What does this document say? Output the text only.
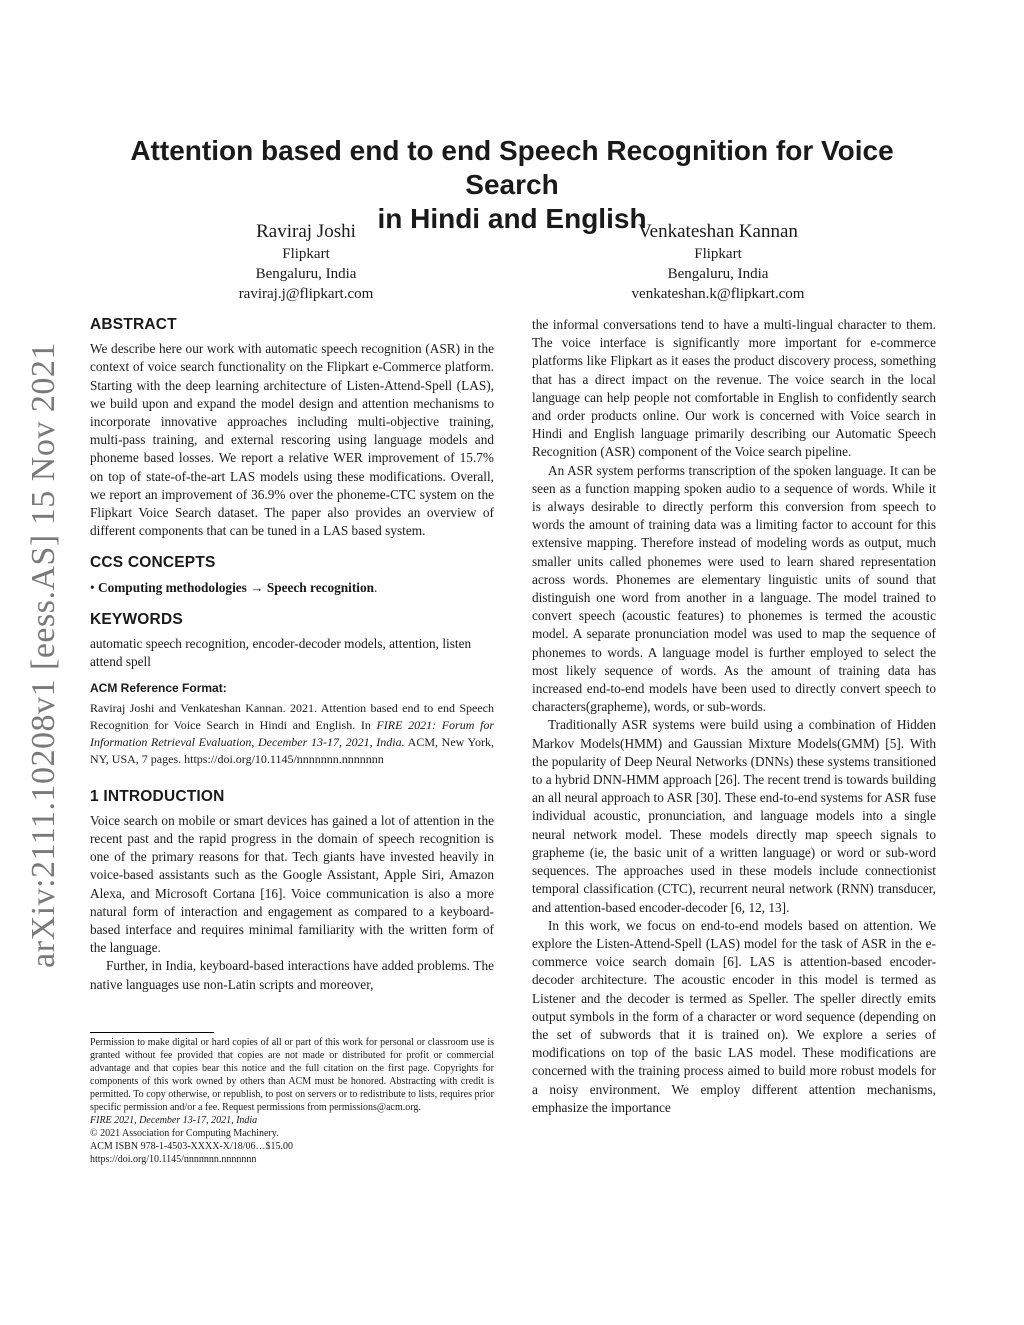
arXiv:2111.10208v1 [eess.AS] 15 Nov 2021
Attention based end to end Speech Recognition for Voice Search
in Hindi and English
Raviraj Joshi
Flipkart
Bengaluru, India
raviraj.j@flipkart.com
Venkateshan Kannan
Flipkart
Bengaluru, India
venkateshan.k@flipkart.com
ABSTRACT

We describe here our work with automatic speech recognition (ASR) in the context of voice search functionality on the Flipkart e-Commerce platform. Starting with the deep learning architecture of Listen-Attend-Spell (LAS), we build upon and expand the model design and attention mechanisms to incorporate innovative approaches including multi-objective training, multi-pass training, and external rescoring using language models and phoneme based losses. We report a relative WER improvement of 15.7% on top of state-of-the-art LAS models using these modifications. Overall, we report an improvement of 36.9% over the phoneme-CTC system on the Flipkart Voice Search dataset. The paper also provides an overview of different components that can be tuned in a LAS based system.

CCS CONCEPTS

• Computing methodologies → Speech recognition.

KEYWORDS

automatic speech recognition, encoder-decoder models, attention, listen attend spell

ACM Reference Format:

Raviraj Joshi and Venkateshan Kannan. 2021. Attention based end to end Speech Recognition for Voice Search in Hindi and English. In FIRE 2021: Forum for Information Retrieval Evaluation, December 13-17, 2021, India. ACM, New York, NY, USA, 7 pages. https://doi.org/10.1145/nnnnnnn.nnnnnnn

1 INTRODUCTION

Voice search on mobile or smart devices has gained a lot of attention in the recent past and the rapid progress in the domain of speech recognition is one of the primary reasons for that. Tech giants have invested heavily in voice-based assistants such as the Google Assistant, Apple Siri, Amazon Alexa, and Microsoft Cortana [16]. Voice communication is also a more natural form of interaction and engagement as compared to a keyboard-based interface and requires minimal familiarity with the written form of the language.

Further, in India, keyboard-based interactions have added problems. The native languages use non-Latin scripts and moreover,

Permission to make digital or hard copies of all or part of this work for personal or classroom use is granted without fee provided that copies are not made or distributed for profit or commercial advantage and that copies bear this notice and the full citation on the first page. Copyrights for components of this work owned by others than ACM must be honored. Abstracting with credit is permitted. To copy otherwise, or republish, to post on servers or to redistribute to lists, requires prior specific permission and/or a fee. Request permissions from permissions@acm.org.
FIRE 2021, December 13-17, 2021, India
© 2021 Association for Computing Machinery.
ACM ISBN 978-1-4503-XXXX-X/18/06…$15.00
https://doi.org/10.1145/nnnnnnn.nnnnnnn

the informal conversations tend to have a multi-lingual character to them. The voice interface is significantly more important for e-commerce platforms like Flipkart as it eases the product discovery process, something that has a direct impact on the revenue. The voice search in the local language can help people not comfortable in English to confidently search and order products online. Our work is concerned with Voice search in Hindi and English language primarily describing our Automatic Speech Recognition (ASR) component of the Voice search pipeline.

An ASR system performs transcription of the spoken language. It can be seen as a function mapping spoken audio to a sequence of words. While it is always desirable to directly perform this conversion from speech to words the amount of training data was a limiting factor to account for this extensive mapping. Therefore instead of modeling words as output, much smaller units called phonemes were used to learn shared representation across words. Phonemes are elementary linguistic units of sound that distinguish one word from another in a language. The model trained to convert speech (acoustic features) to phonemes is termed the acoustic model. A separate pronunciation model was used to map the sequence of phonemes to words. A language model is further employed to select the most likely sequence of words. As the amount of training data has increased end-to-end models have been used to directly convert speech to characters(grapheme), words, or sub-words.

Traditionally ASR systems were build using a combination of Hidden Markov Models(HMM) and Gaussian Mixture Models(GMM) [5]. With the popularity of Deep Neural Networks (DNNs) these systems transitioned to a hybrid DNN-HMM approach [26]. The recent trend is towards building an all neural approach to ASR [30]. These end-to-end systems for ASR fuse individual acoustic, pronunciation, and language models into a single neural network model. These models directly map speech signals to grapheme (ie, the basic unit of a written language) or word or sub-word sequences. The approaches used in these models include connectionist temporal classification (CTC), recurrent neural network (RNN) transducer, and attention-based encoder-decoder [6, 12, 13].

In this work, we focus on end-to-end models based on attention. We explore the Listen-Attend-Spell (LAS) model for the task of ASR in the e-commerce voice search domain [6]. LAS is attention-based encoder-decoder architecture. The acoustic encoder in this model is termed as Listener and the decoder is termed as Speller. The speller directly emits output symbols in the form of a character or word sequence (depending on the set of subwords that it is trained on). We explore a series of modifications on top of the basic LAS model. These modifications are concerned with the training process aimed to build more robust models for a noisy environment. We employ different attention mechanisms, emphasize the importance
